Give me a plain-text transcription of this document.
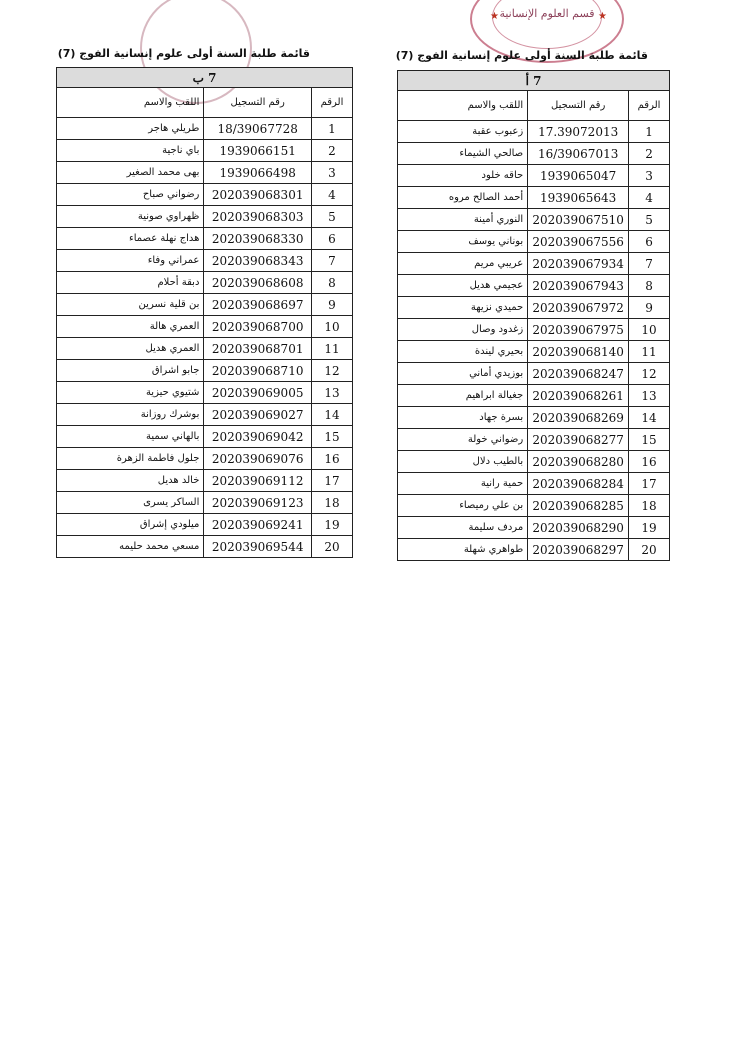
قسم العلوم الإنسانية
★	★
قائمة طلبة السنة أولى علوم إنسانية الفوج (7)	قائمة طلبة السنة أولى علوم إنسانية الفوج (7)
7 ب		
الرقم	رقم التسجيل	اللقب والاسم
1	18/39067728	طريلي هاجر
2	1939066151	باي ناجية
3	1939066498	بهى محمد الصغير
4	202039068301	رضواني صباح
5	202039068303	ظهراوي صونية
6	202039068330	هداج نهلة عصماء
7	202039068343	عمراني وفاء
8	202039068608	دبقة أحلام
9	202039068697	بن قلية نسرين
10	202039068700	العمري هالة
11	202039068701	العمري هديل
12	202039068710	جابو اشراق
13	202039069005	شتيوي حيزية
14	202039069027	بوشرك روزانة
15	202039069042	بالهاني سمية
16	202039069076	جلول فاطمة الزهرة
17	202039069112	خالد هديل
18	202039069123	الساكر يسرى
19	202039069241	ميلودي إشراق
20	202039069544	مسعي محمد حليمه
7 أ		
الرقم	رقم التسجيل	اللقب والاسم
1	17.39072013	زعبوب عقبة
2	16/39067013	صالحي الشيماء
3	1939065047	حاقه خلود
4	1939065643	أحمد الصالح مروه
5	202039067510	النوري أمينة
6	202039067556	بوناني يوسف
7	202039067934	عريبي مريم
8	202039067943	عجيمي هديل
9	202039067972	حميدي نزيهة
10	202039067975	زغدود وصال
11	202039068140	بحيري ليندة
12	202039068247	بوزيدي أماني
13	202039068261	جغيالة ابراهيم
14	202039068269	بسرة جهاد
15	202039068277	رضواني خولة
16	202039068280	بالطيب دلال
17	202039068284	حمية رانية
18	202039068285	بن علي رميصاء
19	202039068290	مردف سليمة
20	202039068297	طواهري شهلة
